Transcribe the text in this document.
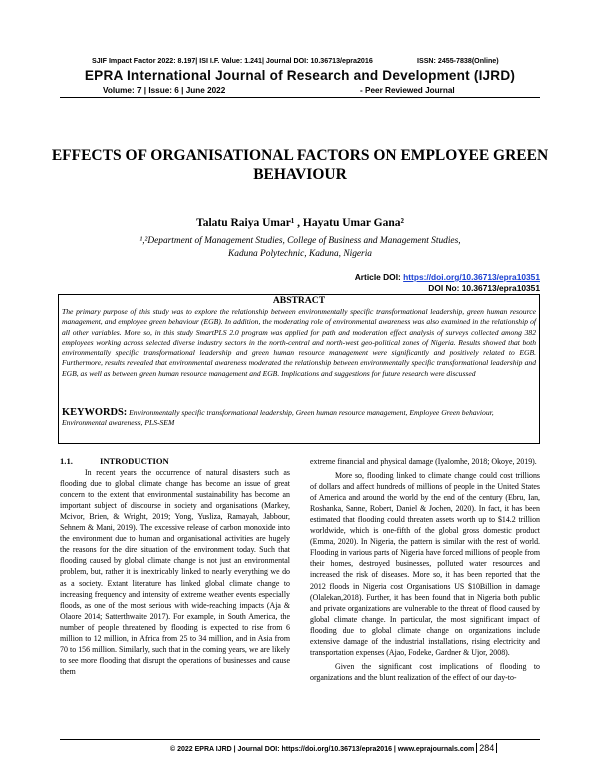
SJIF Impact Factor 2022: 8.197| ISI I.F. Value: 1.241| Journal DOI: 10.36713/epra2016	ISSN: 2455-7838(Online)
EPRA International Journal of Research and Development (IJRD)
Volume: 7 | Issue: 6 | June 2022	- Peer Reviewed Journal
EFFECTS OF ORGANISATIONAL FACTORS ON EMPLOYEE GREEN BEHAVIOUR
Talatu Raiya Umar¹ , Hayatu Umar Gana²
¹,²Department of Management Studies, College of Business and Management Studies,
Kaduna Polytechnic, Kaduna, Nigeria
Article DOI: https://doi.org/10.36713/epra10351
DOI No: 10.36713/epra10351
ABSTRACT
The primary purpose of this study was to explore the relationship between environmentally specific transformational leadership, green human resource management, and employee green behaviour (EGB). In addition, the moderating role of environmental awareness was also examined in the relationship of all other variables. More so, in this study SmartPLS 2.0 program was applied for path and moderation effect analysis of surveys collected among 382 employees working across selected diverse industry sectors in the north-central and north-west geo-political zones of Nigeria. Results showed that both environmentally specific transformational leadership and green human resource management were significantly and positively related to EGB. Furthermore, results revealed that environmental awareness moderated the relationship between environmentally specific transformational leadership and EGB, as well as between green human resource management and EGB. Implications and suggestions for future research were discussed
KEYWORDS: Environmentally specific transformational leadership, Green human resource management, Employee Green behaviour, Environmental awareness, PLS-SEM
1.1.	INTRODUCTION
In recent years the occurrence of natural disasters such as flooding due to global climate change has become an issue of great concern to the extent that environmental sustainability has become an important subject of discourse in society and organisations (Markey, Mcivor, Brien, & Wright, 2019; Yong, Yusliza, Ramayah, Jabbour, Sehnem & Mani, 2019). The excessive release of carbon monoxide into the environment due to human and organisational activities are hugely the reasons for the dire situation of the environment today. Such that flooding caused by global climate change is not just an environmental problem, but, rather it is inextricably linked to nearly everything we do as a society. Extant literature has linked global climate change to increasing frequency and intensity of extreme weather events especially floods, as one of the most serious with wide-reaching impacts (Aja & Olaore 2014; Satterthwaite 2017). For example, in South America, the number of people threatened by flooding is expected to rise from 6 million to 12 million, in Africa from 25 to 34 million, and in Asia from 70 to 156 million. Similarly, such that in the coming years, we are likely to see more flooding that disrupt the operations of businesses and cause them
extreme financial and physical damage (Iyalomhe, 2018; Okoye, 2019).
More so, flooding linked to climate change could cost trillions of dollars and affect hundreds of millions of people in the United States of America and around the world by the end of the century (Ebru, Ian, Roshanka, Sanne, Robert, Daniel & Jochen, 2020). In fact, it has been estimated that flooding could threaten assets worth up to $14.2 trillion worldwide, which is one-fifth of the global gross domestic product (Emma, 2020). In Nigeria, the pattern is similar with the rest of world. Flooding in various parts of Nigeria have forced millions of people from their homes, destroyed businesses, polluted water resources and increased the risk of diseases. More so, it has been reported that the 2012 floods in Nigeria cost Organisations US $10Billion in damage (Olalekan,2018). Further, it has been found that in Nigeria both public and private organizations are vulnerable to the threat of flood caused by global climate change. In particular, the most significant impact of flooding due to global climate change on organizations include extensive damage of the industrial installations, rising electricity and transportation expenses (Ajao, Fodeke, Gardner & Ujor, 2008).
Given the significant cost implications of flooding to organizations and the blunt realization of the effect of our day-to-
© 2022 EPRA IJRD | Journal DOI: https://doi.org/10.36713/epra2016 | www.eprajournals.com 284
